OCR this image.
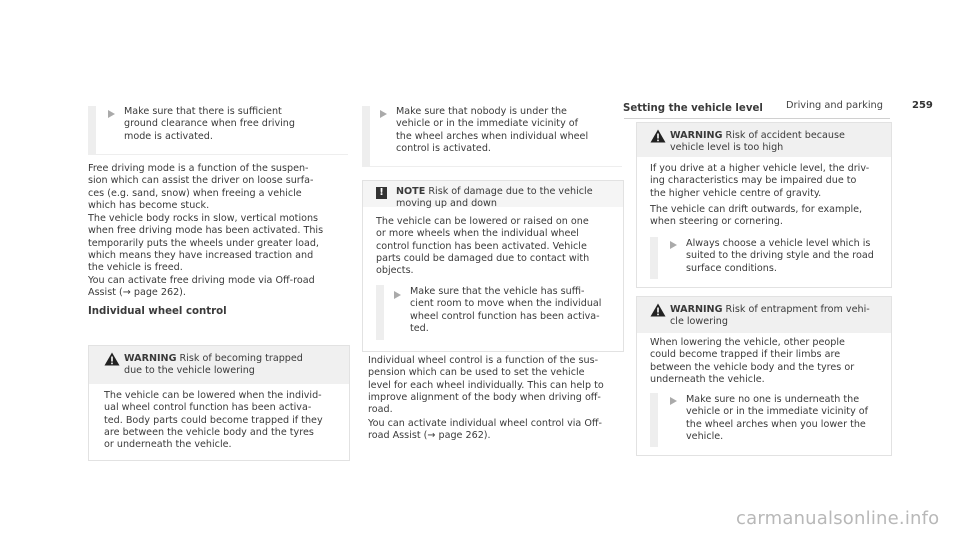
Driving and parking	259
Make sure that there is sufficient
ground clearance when free driving
mode is activated.
Free driving mode is a function of the suspen-
sion which can assist the driver on loose surfa-
ces (e.g. sand, snow) when freeing a vehicle
which has become stuck.
The vehicle body rocks in slow, vertical motions
when free driving mode has been activated. This
temporarily puts the wheels under greater load,
which means they have increased traction and
the vehicle is freed.
You can activate free driving mode via Off-road
Assist (→ page 262).
Individual wheel control
WARNING Risk of becoming trapped
due to the vehicle lowering
The vehicle can be lowered when the individ-
ual wheel control function has been activa-
ted. Body parts could become trapped if they
are between the vehicle body and the tyres
or underneath the vehicle.
Make sure that nobody is under the
vehicle or in the immediate vicinity of
the wheel arches when individual wheel
control is activated.
!	NOTE Risk of damage due to the vehicle
moving up and down
The vehicle can be lowered or raised on one
or more wheels when the individual wheel
control function has been activated. Vehicle
parts could be damaged due to contact with
objects.
Make sure that the vehicle has suffi-
cient room to move when the individual
wheel control function has been activa-
ted.
Individual wheel control is a function of the sus-
pension which can be used to set the vehicle
level for each wheel individually. This can help to
improve alignment of the body when driving off-
road.
You can activate individual wheel control via Off-
road Assist (→ page 262).
Setting the vehicle level
WARNING Risk of accident because
vehicle level is too high
If you drive at a higher vehicle level, the driv-
ing characteristics may be impaired due to
the higher vehicle centre of gravity.
The vehicle can drift outwards, for example,
when steering or cornering.
Always choose a vehicle level which is
suited to the driving style and the road
surface conditions.
WARNING Risk of entrapment from vehi-
cle lowering
When lowering the vehicle, other people
could become trapped if their limbs are
between the vehicle body and the tyres or
underneath the vehicle.
Make sure no one is underneath the
vehicle or in the immediate vicinity of
the wheel arches when you lower the
vehicle.
carmanualsonline.info
